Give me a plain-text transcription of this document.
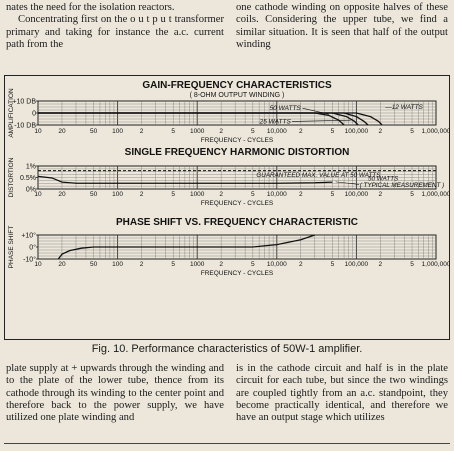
nates the need for the isolation reactors.

Concentrating first on the o u t p u t transformer primary and taking for instance the a.c. current path from the

one cathode winding on opposite halves of these coils. Considering the upper tube, we find a similar situation. It is seen that half of the output winding

GAIN-FREQUENCY CHARACTERISTICS
( 8-OHM OUTPUT WINDING )
+10 DB
0
-10 DB
AMPLIFICATION	10	20	50 100	2	5 1000 2	5 10,000 2	5 100,000 2	5 1,000,000
FREQUENCY - CYCLES
SINGLE FREQUENCY HARMONIC DISTORTION
1%
0.5%
0%
DISTORTION	10	20	50 100	2	5 1000 2	5 10,000 2	5 100,000 2	5 1,000,000
FREQUENCY - CYCLES
PHASE SHIFT VS. FREQUENCY CHARACTERISTIC
+10°
0°
-10°
PHASE SHIFT	10	20	50 100	2	5 1000 2	5 10,000 2	5 100,000 2	5 1,000,000
FREQUENCY - CYCLES
50 WATTS	—12 WATTS
25 WATTS
GUARANTEED MAX. VALUE AT 50 WATTS
50 WATTS
( TYPICAL MEASUREMENT )
Fig. 10. Performance characteristics of 50W-1 amplifier.

plate supply at + upwards through the winding and to the plate of the lower tube, thence from its cathode through its winding to the center point and therefore back to the power supply, we have utilized one plate winding and

is in the cathode circuit and half is in the plate circuit for each tube, but since the two windings are coupled tightly from an a.c. standpoint, they become practically identical, and therefore we have an output stage which utilizes
